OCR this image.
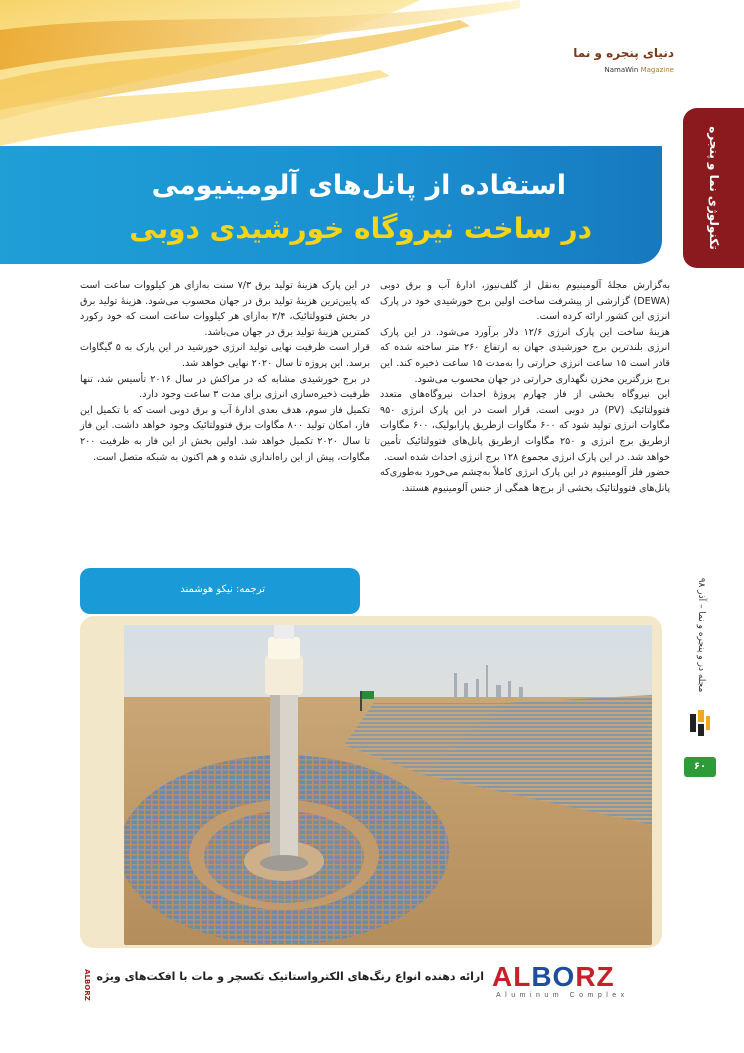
دنیای پنجره و نما
NamaWin Magazine
تکنولوژی نما و پنجره
استفاده از پانل‌های آلومینیومی
در ساخت نیروگاه خورشیدی دوبی

به‌گزارش مجلۀ آلومینیوم به‌نقل از گلف‌نیوز، ادارۀ آب و برق دوبی (DEWA) گزارشی از پیشرفت ساخت اولین برج خورشیدی خود در پارک انرژی این کشور ارائه کرده است.

هزینۀ ساخت این پارک انرژی ۱۲/۶ دلار برآورد می‌شود. در این پارک انرژی بلندترین برج خورشیدی جهان به ارتفاع ۲۶۰ متر ساخته شده که قادر است ۱۵ ساعت انرژی حرارتی را به‌مدت ۱۵ ساعت ذخیره کند. این برج بزرگترین مخزن نگهداری حرارتی در جهان محسوب می‌شود.

این نیروگاه بخشی از فاز چهارم پروژۀ احداث نیروگاه‌های متعدد فتوولتائیک (PV) در دوبی است. قرار است در این پارک انرژی ۹۵۰ مگاوات انرژی تولید شود که ۶۰۰ مگاوات ازطریق پارابولیک، ۶۰۰ مگاوات ازطریق برج انرژی و ۲۵۰ مگاوات ازطریق پانل‌های فتوولتائیک تأمین خواهد شد. در این پارک انرژی مجموع ۱۲۸ برج انرژی احداث شده است.

حضور فلز آلومینیوم در این پارک انرژی کاملاً به‌چشم می‌خورد به‌طوری‌که پانل‌های فتوولتائیک بخشی از برج‌ها همگی از جنس آلومینیوم هستند.

در این پارک هزینۀ تولید برق ۷/۳ سنت به‌ازای هر کیلووات ساعت است که پایین‌ترین هزینۀ تولید برق در جهان محسوب می‌شود. هزینۀ تولید برق در بخش فتوولتائیک، ۲/۴ به‌ازای هر کیلووات ساعت است که خود رکورد کمترین هزینۀ تولید برق در جهان می‌باشد.

قرار است ظرفیت نهایی تولید انرژی خورشید در این پارک به ۵ گیگاوات برسد. این پروژه تا سال ۲۰۲۰ نهایی خواهد شد.

در برج خورشیدی مشابه که در مراکش در سال ۲۰۱۶ تأسیس شد، تنها ظرفیت ذخیره‌سازی انرژی برای مدت ۳ ساعت وجود دارد.

تکمیل فاز سوم، هدف بعدی ادارۀ آب و برق دوبی است که با تکمیل این فاز، امکان تولید ۸۰۰ مگاوات برق فتوولتائیک وجود خواهد داشت. این فاز تا سال ۲۰۲۰ تکمیل خواهد شد. اولین بخش از این فاز به ظرفیت ۲۰۰ مگاوات، پیش از این راه‌اندازی شده و هم اکنون به شبکه متصل است.

ترجمه: نیکو هوشمند
مجله در و پنجره و نما – آذر ۹۸
۶۰
ALBORZ ارائه دهنده انواع رنگ‌های الکترواستاتیک تکسچر و مات با افکت‌های ویژه ALBORZ
Aluminum Complex
